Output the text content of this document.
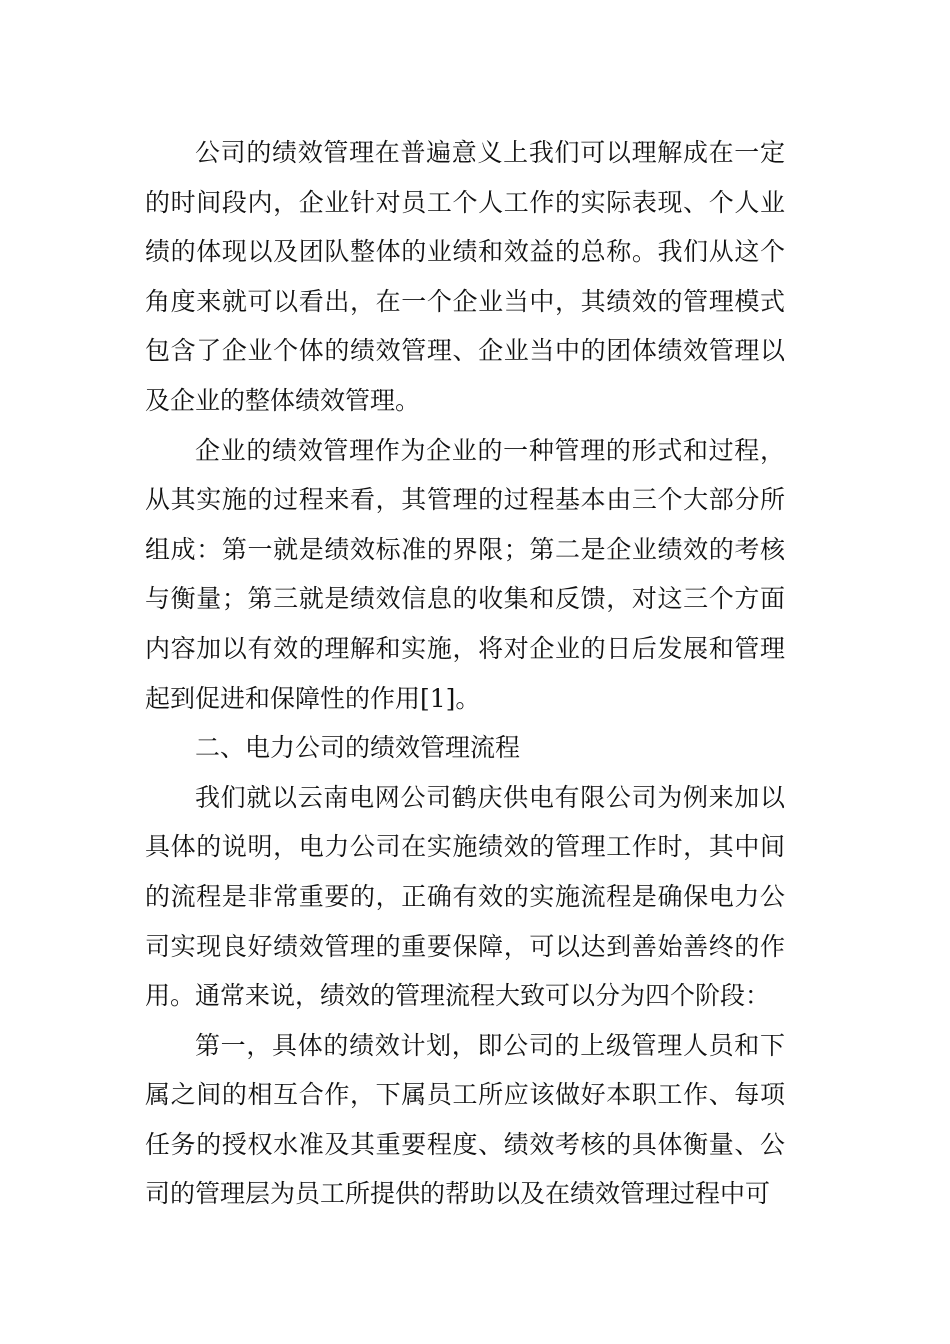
公司的绩效管理在普遍意义上我们可以理解成在一定的时间段内，企业针对员工个人工作的实际表现、个人业绩的体现以及团队整体的业绩和效益的总称。我们从这个角度来就可以看出，在一个企业当中，其绩效的管理模式包含了企业个体的绩效管理、企业当中的团体绩效管理以及企业的整体绩效管理。

企业的绩效管理作为企业的一种管理的形式和过程，从其实施的过程来看，其管理的过程基本由三个大部分所组成：第一就是绩效标准的界限；第二是企业绩效的考核与衡量；第三就是绩效信息的收集和反馈，对这三个方面内容加以有效的理解和实施，将对企业的日后发展和管理起到促进和保障性的作用[1]。

二、电力公司的绩效管理流程

我们就以云南电网公司鹤庆供电有限公司为例来加以具体的说明，电力公司在实施绩效的管理工作时，其中间的流程是非常重要的，正确有效的实施流程是确保电力公司实现良好绩效管理的重要保障，可以达到善始善终的作用。通常来说，绩效的管理流程大致可以分为四个阶段：

第一，具体的绩效计划，即公司的上级管理人员和下属之间的相互合作，下属员工所应该做好本职工作、每项任务的授权水准及其重要程度、绩效考核的具体衡量、公司的管理层为员工所提供的帮助以及在绩效管理过程中可
